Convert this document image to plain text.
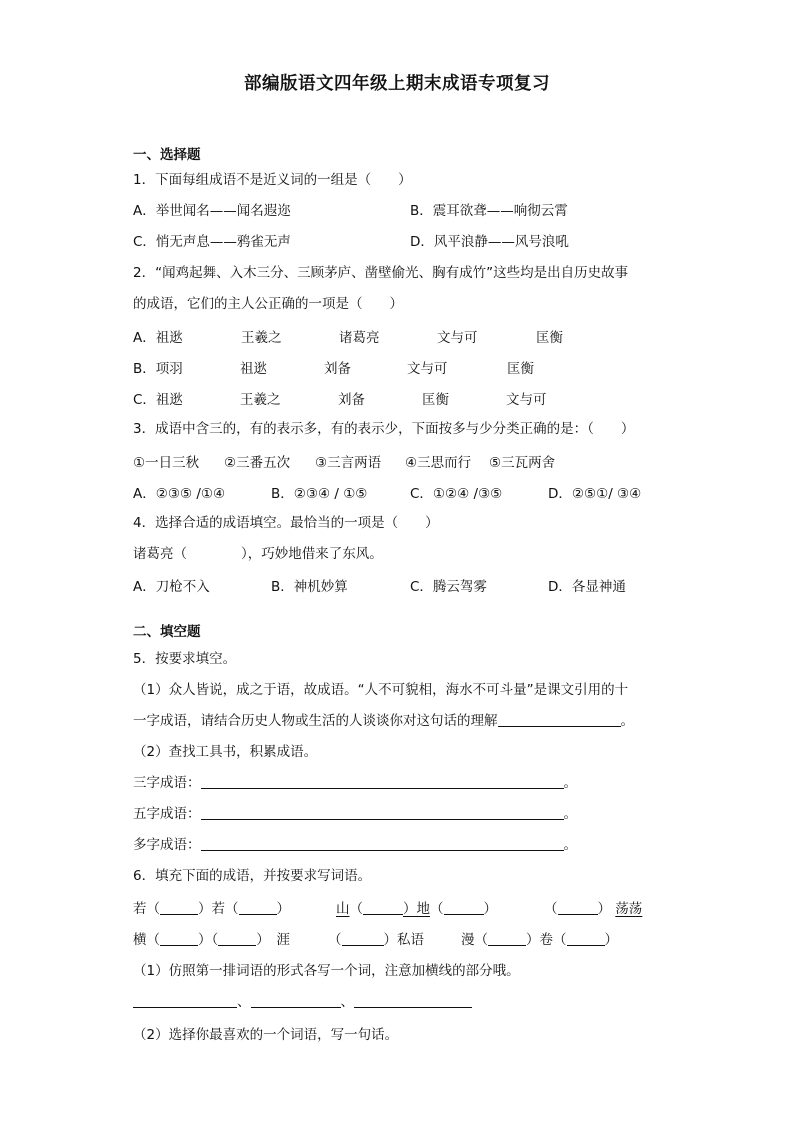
部编版语文四年级上期末成语专项复习
一、选择题
1．下面每组成语不是近义词的一组是（　　）
A．举世闻名——闻名遐迩	B．震耳欲聋——响彻云霄
C．悄无声息——鸦雀无声	D．风平浪静——风号浪吼
2．“闻鸡起舞、入木三分、三顾茅庐、凿壁偷光、胸有成竹”这些均是出自历史故事
的成语，它们的主人公正确的一项是（　　）
A．祖逖	王羲之	诸葛亮	文与可	匡衡
B．项羽	祖逖	刘备	文与可	匡衡
C．祖逖	王羲之	刘备	匡衡	文与可
3．成语中含三的，有的表示多，有的表示少，下面按多与少分类正确的是：（　　）
①一日三秋 ②三番五次 ③三言两语 ④三思而行 ⑤三瓦两舍
A．②③⑤ /①④	B．②③④ / ①⑤	C．①②④ /③⑤	D．②⑤①/ ③④
4．选择合适的成语填空。最恰当的一项是（　　）
诸葛亮（　　　　），巧妙地借来了东风。
A．刀枪不入	B．神机妙算	C．腾云驾雾	D．各显神通
二、填空题
5．按要求填空。
（1）众人皆说，成之于语，故成语。“人不可貌相，海水不可斗量”是课文引用的十
一字成语，请结合历史人物或生活的人谈谈你对这句话的理解	。
（2）查找工具书，积累成语。
三字成语：	。
五字成语：	。
多字成语：	。
6．填充下面的成语，并按要求写词语。
若（	）若（	）	山（	）地（	）	（	） 荡荡
横（	）（	）　涯	（	）私语	漫（	）卷（	）
（1）仿照第一排词语的形式各写一个词，注意加横线的部分哦。
、	、
（2）选择你最喜欢的一个词语，写一句话。
